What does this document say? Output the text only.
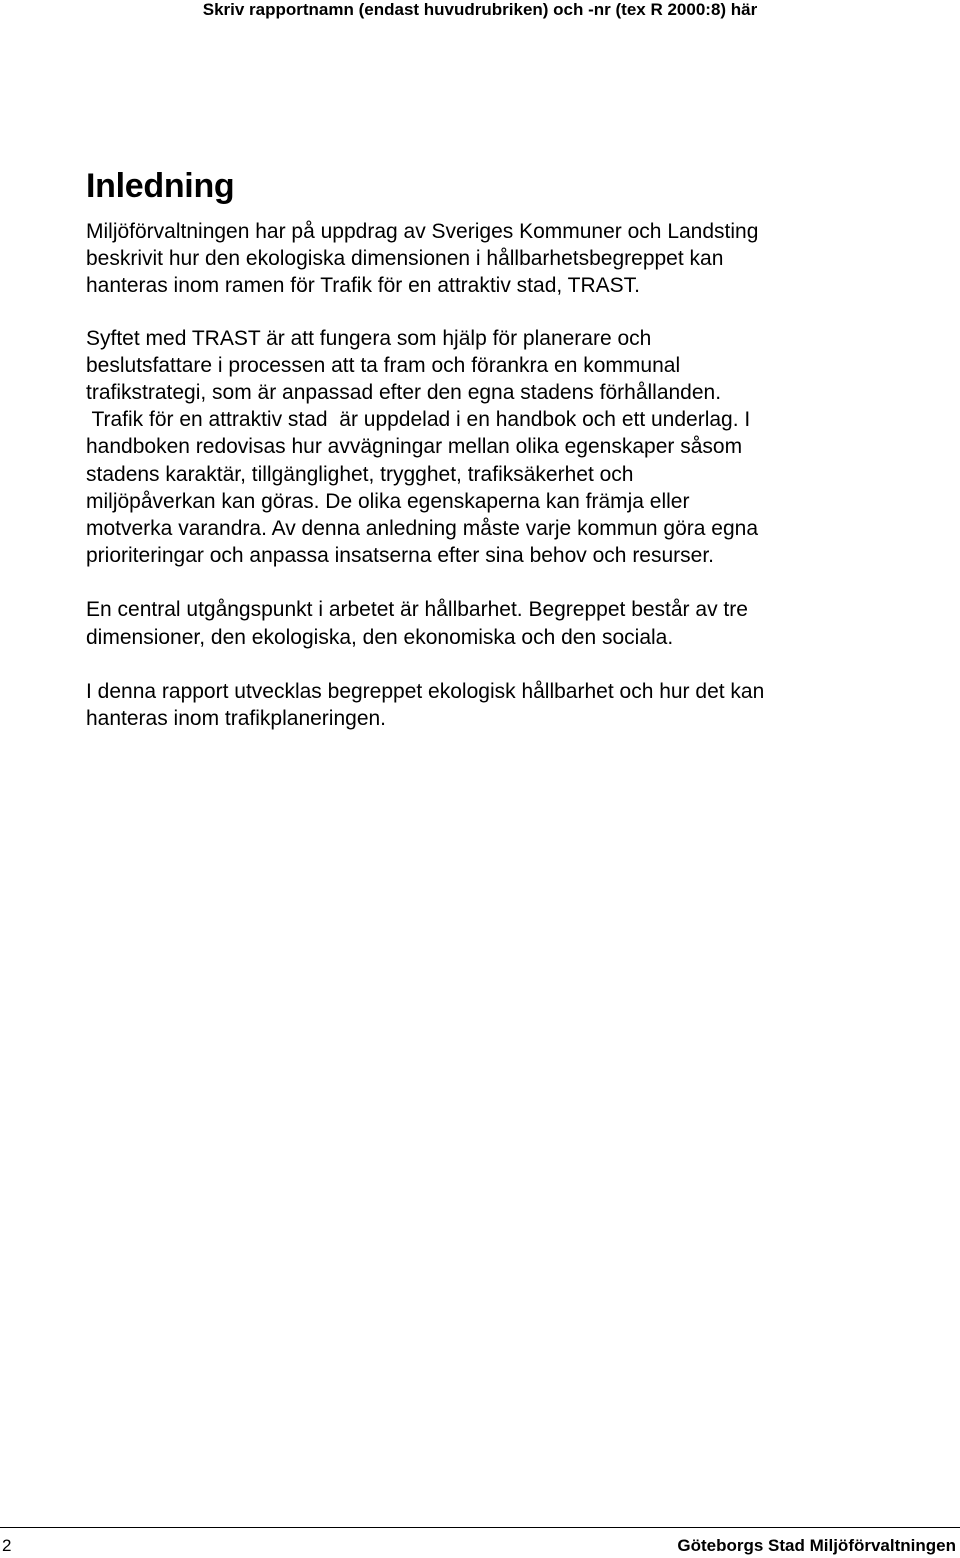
Skriv rapportnamn (endast huvudrubriken) och -nr (tex R 2000:8) här
Inledning

Miljöförvaltningen har på uppdrag av Sveriges Kommuner och Landsting
beskrivit hur den ekologiska dimensionen i hållbarhetsbegreppet kan
hanteras inom ramen för Trafik för en attraktiv stad, TRAST.

Syftet med TRAST är att fungera som hjälp för planerare och
beslutsfattare i processen att ta fram och förankra en kommunal
trafikstrategi, som är anpassad efter den egna stadens förhållanden.
Trafik för en attraktiv stad  är uppdelad i en handbok och ett underlag. I
handboken redovisas hur avvägningar mellan olika egenskaper såsom
stadens karaktär, tillgänglighet, trygghet, trafiksäkerhet och
miljöpåverkan kan göras. De olika egenskaperna kan främja eller
motverka varandra. Av denna anledning måste varje kommun göra egna
prioriteringar och anpassa insatserna efter sina behov och resurser.

En central utgångspunkt i arbetet är hållbarhet. Begreppet består av tre
dimensioner, den ekologiska, den ekonomiska och den sociala.

I denna rapport utvecklas begreppet ekologisk hållbarhet och hur det kan
hanteras inom trafikplaneringen.

2	Göteborgs Stad Miljöförvaltningen
